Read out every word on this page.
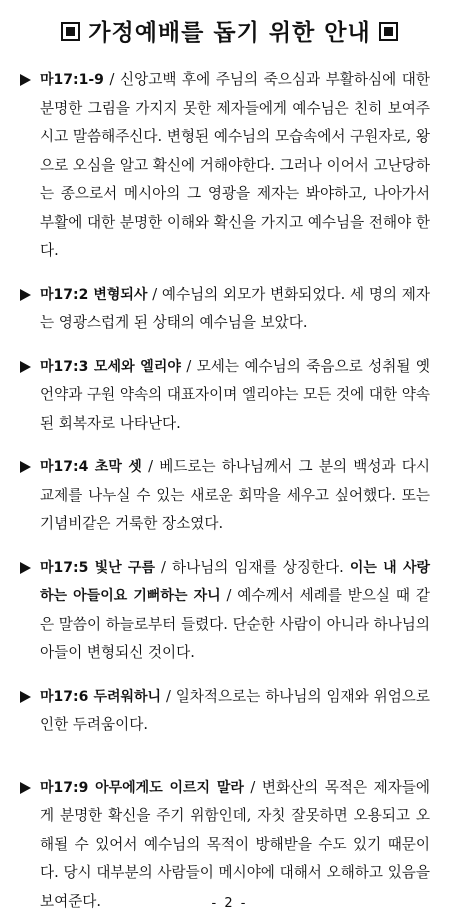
가정예배를 돕기 위한 안내
마17:1-9 / 신앙고백 후에 주님의 죽으심과 부활하심에 대한 분명한 그림을 가지지 못한 제자들에게 예수님은 친히 보여주시고 말씀해주신다. 변형된 예수님의 모습속에서 구원자로, 왕으로 오심을 알고 확신에 거해야한다. 그러나 이어서 고난당하는 종으로서 메시아의 그 영광을 제자는 봐야하고, 나아가서 부활에 대한 분명한 이해와 확신을 가지고 예수님을 전해야 한다.
마17:2 변형되사 / 예수님의 외모가 변화되었다. 세 명의 제자는 영광스럽게 된 상태의 예수님을 보았다.
마17:3 모세와 엘리야 / 모세는 예수님의 죽음으로 성취될 옛 언약과 구원 약속의 대표자이며 엘리야는 모든 것에 대한 약속된 회복자로 나타난다.
마17:4 초막 셋 / 베드로는 하나님께서 그 분의 백성과 다시 교제를 나누실 수 있는 새로운 회막을 세우고 싶어했다. 또는 기념비같은 거룩한 장소였다.
마17:5 빛난 구름 / 하나님의 임재를 상징한다. 이는 내 사랑하는 아들이요 기뻐하는 자니 / 예수께서 세례를 받으실 때 같은 말씀이 하늘로부터 들렸다. 단순한 사람이 아니라 하나님의 아들이 변형되신 것이다.
마17:6 두려워하니 / 일차적으로는 하나님의 임재와 위엄으로 인한 두려움이다.
마17:9 아무에게도 이르지 말라 / 변화산의 목적은 제자들에게 분명한 확신을 주기 위함인데, 자칫 잘못하면 오용되고 오해될 수 있어서 예수님의 목적이 방해받을 수도 있기 때문이다. 당시 대부분의 사람들이 메시야에 대해서 오해하고 있음을 보여준다.	- 2 -
